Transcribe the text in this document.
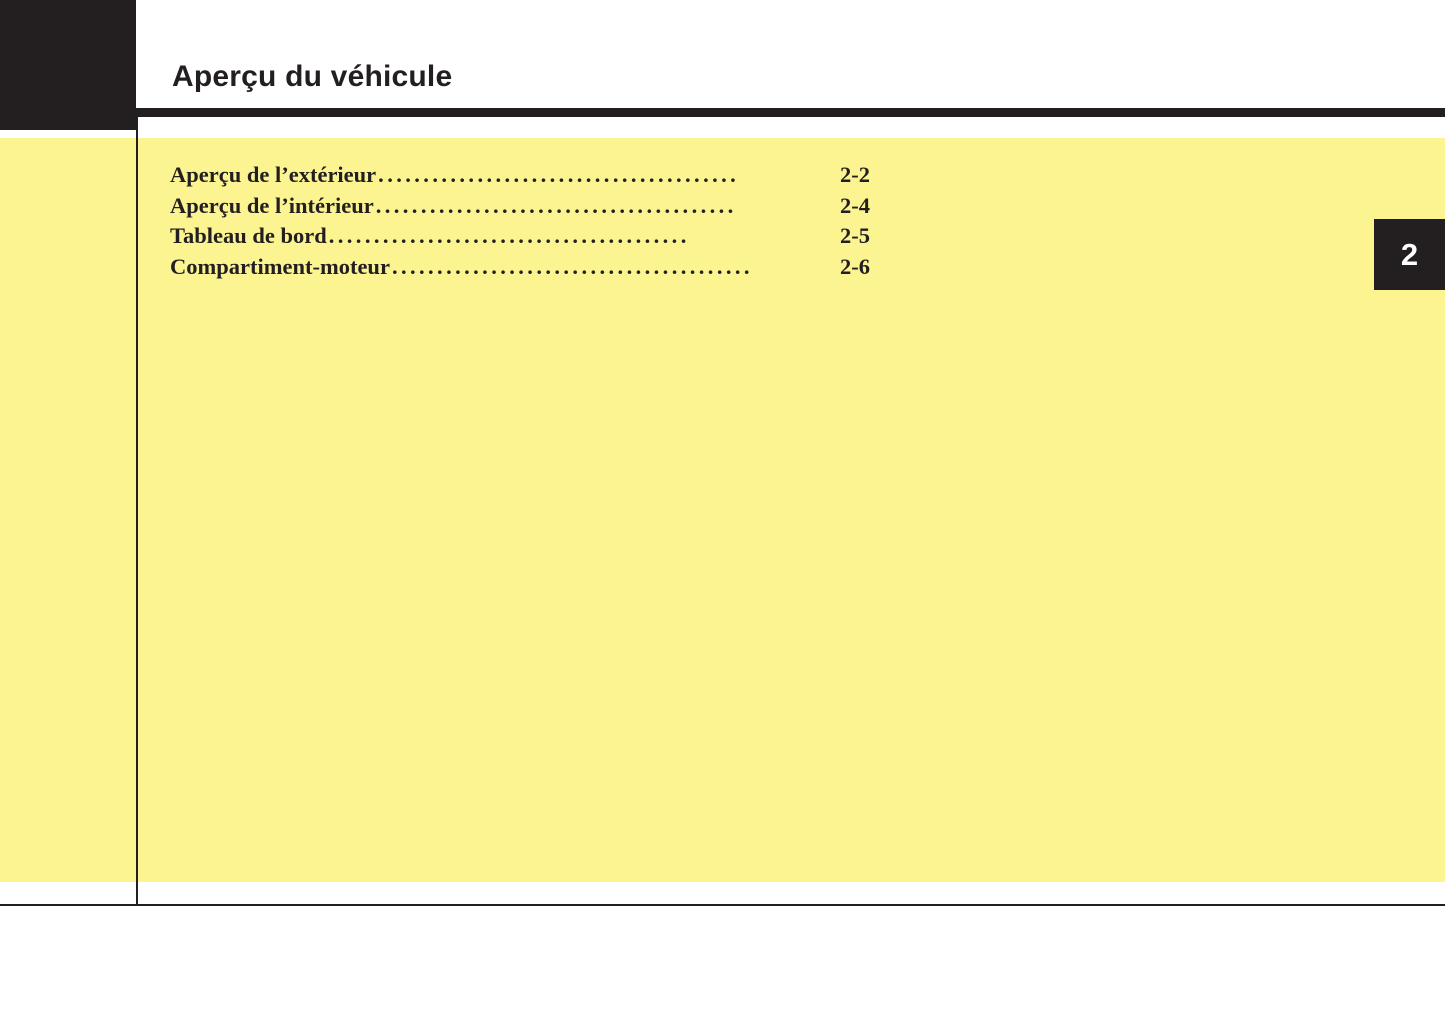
Aperçu du véhicule
2
Aperçu de l’extérieur ........................................	2-2
Aperçu de l’intérieur ........................................	2-4
Tableau de bord ........................................	2-5
Compartiment-moteur ........................................	2-6
